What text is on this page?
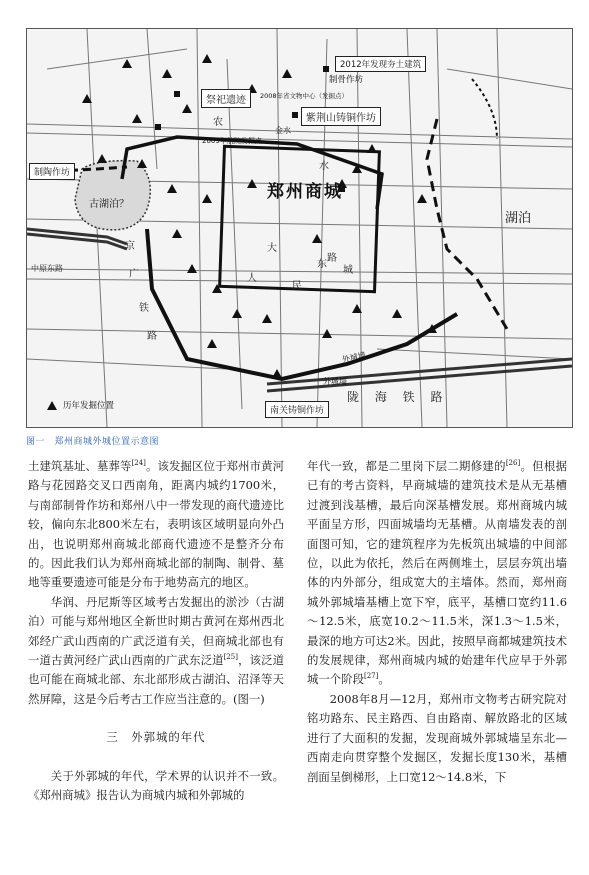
2012年发现夯土建筑
制骨作坊
祭祀遗迹	2008年省文物中心（发掘点）
紫荆山铸铜作坊
2009年航院发掘点
制陶作坊
古湖泊？
郑州商城
湖泊
外城墙
外城墙
南关铸铜作坊
历年发掘位置
陇 海 铁 路
京
广
铁
路
中原东路
农
金水
水
大
路
东
城
人
民
图一　郑州商城外城位置示意图

土建筑基址、墓葬等[24]。该发掘区位于郑州市黄河路与花园路交叉口西南角，距离内城约1700米，与南部制骨作坊和郑州八中一带发现的商代遗迹比较，偏向东北800米左右，表明该区域明显向外凸出，也说明郑州商城北部商代遗迹不是整齐分布的。因此我们认为郑州商城北部的制陶、制骨、墓地等重要遗迹可能是分布于地势高亢的地区。

华润、丹尼斯等区域考古发掘出的淤沙（古湖泊）可能与郑州地区全新世时期古黄河在郑州西北郊经广武山西南的广武泛道有关，但商城北部也有一道古黄河经广武山西南的广武东泛道[25]，该泛道也可能在商城北部、东北部形成古湖泊、沼泽等天然屏障，这是今后考古工作应当注意的。(图一)

三　外郭城的年代

关于外郭城的年代，学术界的认识并不一致。《郑州商城》报告认为商城内城和外郭城的

年代一致，都是二里岗下层二期修建的[26]。但根据已有的考古资料，早商城墙的建筑技术是从无基槽过渡到浅基槽，最后向深基槽发展。郑州商城内城平面呈方形，四面城墙均无基槽。从南墙发表的剖面图可知，它的建筑程序为先板筑出城墙的中间部位，以此为依托，然后在两侧堆土，层层夯筑出墙体的内外部分，组成宽大的主墙体。然而，郑州商城外郭城墙基槽上宽下窄，底平，基槽口宽约11.6～12.5米，底宽10.2～11.5米，深1.3～1.5米，最深的地方可达2米。因此，按照早商都城建筑技术的发展规律，郑州商城内城的始建年代应早于外郭城一个阶段[27]。

2008年8月—12月，郑州市文物考古研究院对铭功路东、民主路西、自由路南、解放路北的区域进行了大面积的发掘，发现商城外郭城墙呈东北—西南走向贯穿整个发掘区，发掘长度130米，基槽剖面呈倒梯形，上口宽12～14.8米，下
